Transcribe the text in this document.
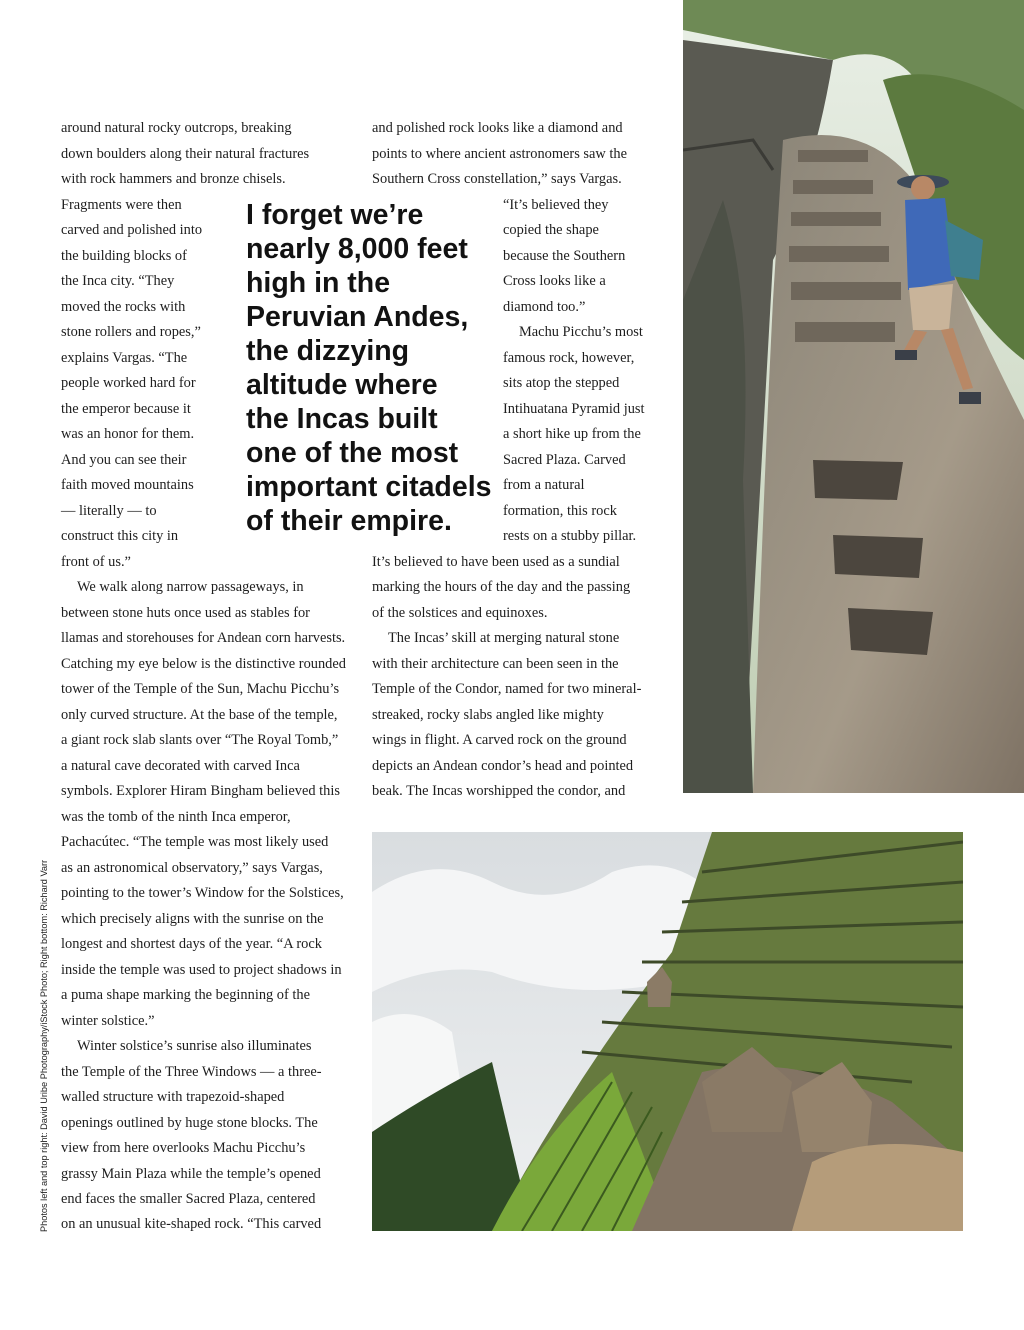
around natural rocky outcrops, breaking
down boulders along their natural fractures
with rock hammers and bronze chisels.
Fragments were then
carved and polished into
the building blocks of
the Inca city. “They
moved the rocks with
stone rollers and ropes,”
explains Vargas. “The
people worked hard for
the emperor because it
was an honor for them.
And you can see their
faith moved mountains
— literally — to
construct this city in
front of us.”
We walk along narrow passageways, in
between stone huts once used as stables for
llamas and storehouses for Andean corn harvests.
Catching my eye below is the distinctive rounded
tower of the Temple of the Sun, Machu Picchu’s
only curved structure. At the base of the temple,
a giant rock slab slants over “The Royal Tomb,”
a natural cave decorated with carved Inca
symbols. Explorer Hiram Bingham believed this
was the tomb of the ninth Inca emperor,
Pachacútec. “The temple was most likely used
as an astronomical observatory,” says Vargas,
pointing to the tower’s Window for the Solstices,
which precisely aligns with the sunrise on the
longest and shortest days of the year. “A rock
inside the temple was used to project shadows in
a puma shape marking the beginning of the
winter solstice.”
Winter solstice’s sunrise also illuminates
the Temple of the Three Windows — a three-
walled structure with trapezoid-shaped
openings outlined by huge stone blocks. The
view from here overlooks Machu Picchu’s
grassy Main Plaza while the temple’s opened
end faces the smaller Sacred Plaza, centered
on an unusual kite-shaped rock. “This carved
and polished rock looks like a diamond and
points to where ancient astronomers saw the
Southern Cross constellation,” says Vargas.
“It’s believed they
copied the shape
because the Southern
Cross looks like a
diamond too.”
Machu Picchu’s most
famous rock, however,
sits atop the stepped
Intihuatana Pyramid just
a short hike up from the
Sacred Plaza. Carved
from a natural
formation, this rock
rests on a stubby pillar.
It’s believed to have been used as a sundial
marking the hours of the day and the passing
of the solstices and equinoxes.
The Incas’ skill at merging natural stone
with their architecture can been seen in the
Temple of the Condor, named for two mineral-
streaked, rocky slabs angled like mighty
wings in flight. A carved rock on the ground
depicts an Andean condor’s head and pointed
beak. The Incas worshipped the condor, and
I forget we’re
nearly 8,000 feet
high in the
Peruvian Andes,
the dizzying
altitude where
the Incas built
one of the most
important citadels
of their empire.
Photos left and top right: David Uribe Photography/iStock Photo; Right bottom: Richard Varr
